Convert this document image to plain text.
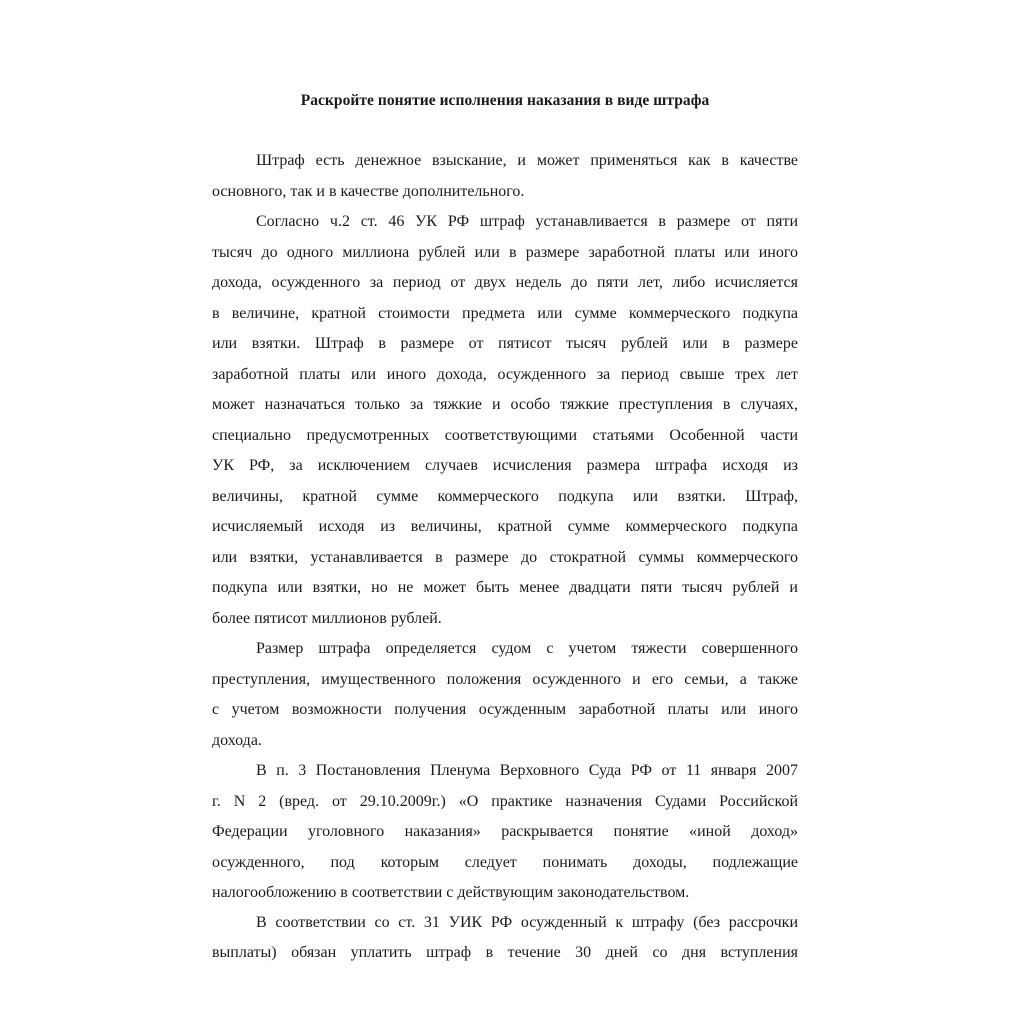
Раскройте понятие исполнения наказания в виде штрафа
Штраф есть денежное взыскание, и может применяться как в качестве
основного, так и в качестве дополнительного.
Согласно ч.2 ст. 46 УК РФ штраф устанавливается в размере от пяти
тысяч до одного миллиона рублей или в размере заработной платы или иного
дохода, осужденного за период от двух недель до пяти лет, либо исчисляется
в величине, кратной стоимости предмета или сумме коммерческого подкупа
или взятки. Штраф в размере от пятисот тысяч рублей или в размере
заработной платы или иного дохода, осужденного за период свыше трех лет
может назначаться только за тяжкие и особо тяжкие преступления в случаях,
специально предусмотренных соответствующими статьями Особенной части
УК РФ, за исключением случаев исчисления размера штрафа исходя из
величины, кратной сумме коммерческого подкупа или взятки. Штраф,
исчисляемый исходя из величины, кратной сумме коммерческого подкупа
или взятки, устанавливается в размере до стократной суммы коммерческого
подкупа или взятки, но не может быть менее двадцати пяти тысяч рублей и
более пятисот миллионов рублей.
Размер штрафа определяется судом с учетом тяжести совершенного
преступления, имущественного положения осужденного и его семьи, а также
с учетом возможности получения осужденным заработной платы или иного
дохода.
В п. 3 Постановления Пленума Верховного Суда РФ от 11 января 2007
г. N 2 (вред. от 29.10.2009г.) «О практике назначения Судами Российской
Федерации уголовного наказания» раскрывается понятие «иной доход»
осужденного, под которым следует понимать доходы, подлежащие
налогообложению в соответствии с действующим законодательством.
В соответствии со ст. 31 УИК РФ осужденный к штрафу (без рассрочки
выплаты) обязан уплатить штраф в течение 30 дней со дня вступления
